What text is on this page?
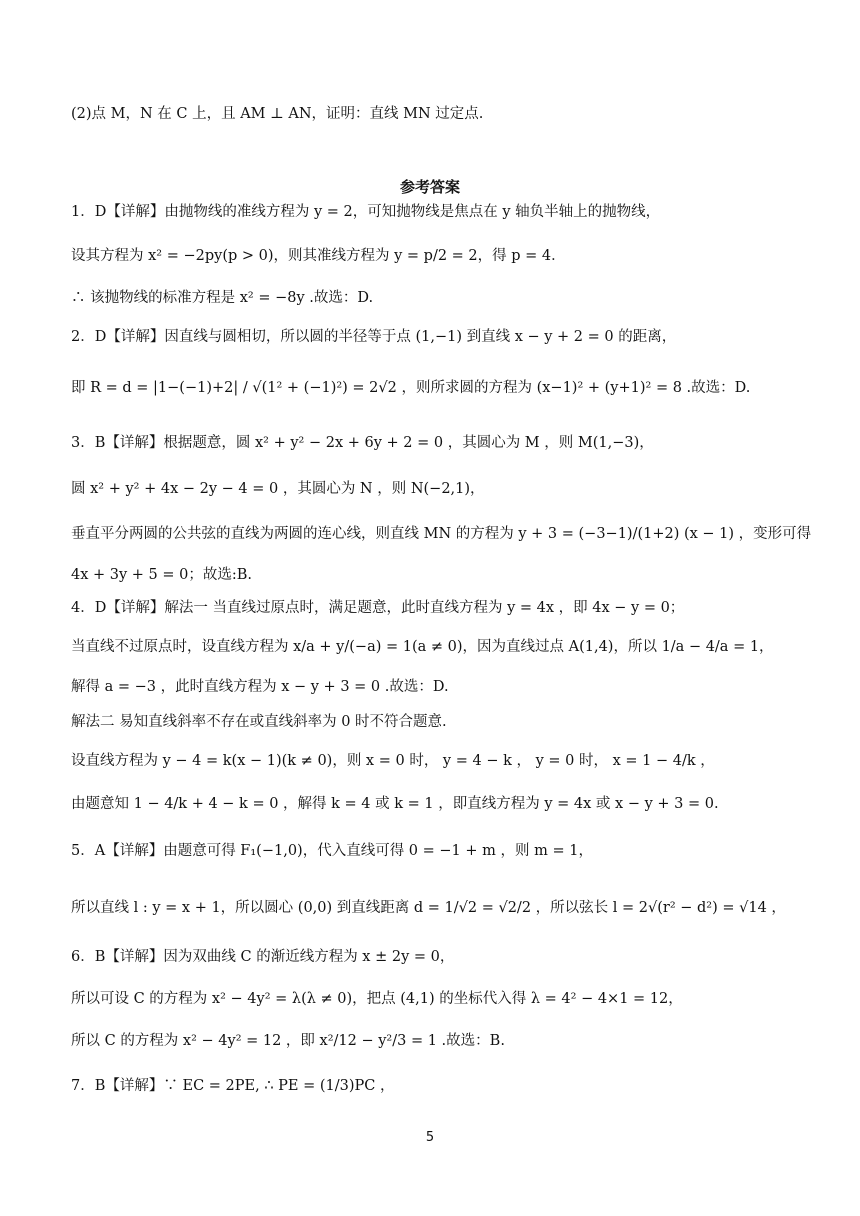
(2)点 M，N 在 C 上，且 AM ⊥ AN，证明：直线 MN 过定点.
参考答案
1．D【详解】由抛物线的准线方程为 y = 2，可知抛物线是焦点在 y 轴负半轴上的抛物线，
设其方程为 x² = −2py(p > 0)，则其准线方程为 y = p/2 = 2，得 p = 4．
∴ 该抛物线的标准方程是 x² = −8y .故选：D.
2．D【详解】因直线与圆相切，所以圆的半径等于点 (1,−1) 到直线 x − y + 2 = 0 的距离，
即 R = d = |1−(−1)+2| / √(1² + (−1)²) = 2√2 ，则所求圆的方程为 (x−1)² + (y+1)² = 8 .故选：D.
3．B【详解】根据题意，圆 x² + y² − 2x + 6y + 2 = 0 ，其圆心为 M ，则 M(1,−3)，
圆 x² + y² + 4x − 2y − 4 = 0 ，其圆心为 N ，则 N(−2,1)，
垂直平分两圆的公共弦的直线为两圆的连心线，则直线 MN 的方程为 y + 3 = (−3−1)/(1+2) (x − 1) ，变形可得
4x + 3y + 5 = 0；故选:B.
4．D【详解】解法一 当直线过原点时，满足题意，此时直线方程为 y = 4x ，即 4x − y = 0；
当直线不过原点时，设直线方程为 x/a + y/(−a) = 1(a ≠ 0)，因为直线过点 A(1,4)，所以 1/a − 4/a = 1，
解得 a = −3 ，此时直线方程为 x − y + 3 = 0 .故选：D.
解法二 易知直线斜率不存在或直线斜率为 0 时不符合题意.
设直线方程为 y − 4 = k(x − 1)(k ≠ 0)，则 x = 0 时， y = 4 − k ， y = 0 时， x = 1 − 4/k ，
由题意知 1 − 4/k + 4 − k = 0 ，解得 k = 4 或 k = 1 ，即直线方程为 y = 4x 或 x − y + 3 = 0.
5．A【详解】由题意可得 F₁(−1,0)，代入直线可得 0 = −1 + m ，则 m = 1，
所以直线 l : y = x + 1，所以圆心 (0,0) 到直线距离 d = 1/√2 = √2/2 ，所以弦长 l = 2√(r² − d²) = √14 ，
6．B【详解】因为双曲线 C 的渐近线方程为 x ± 2y = 0，
所以可设 C 的方程为 x² − 4y² = λ(λ ≠ 0)，把点 (4,1) 的坐标代入得 λ = 4² − 4×1 = 12，
所以 C 的方程为 x² − 4y² = 12 ，即 x²/12 − y²/3 = 1 .故选：B.
7．B【详解】∵ EC = 2PE, ∴ PE = (1/3)PC ，
5
